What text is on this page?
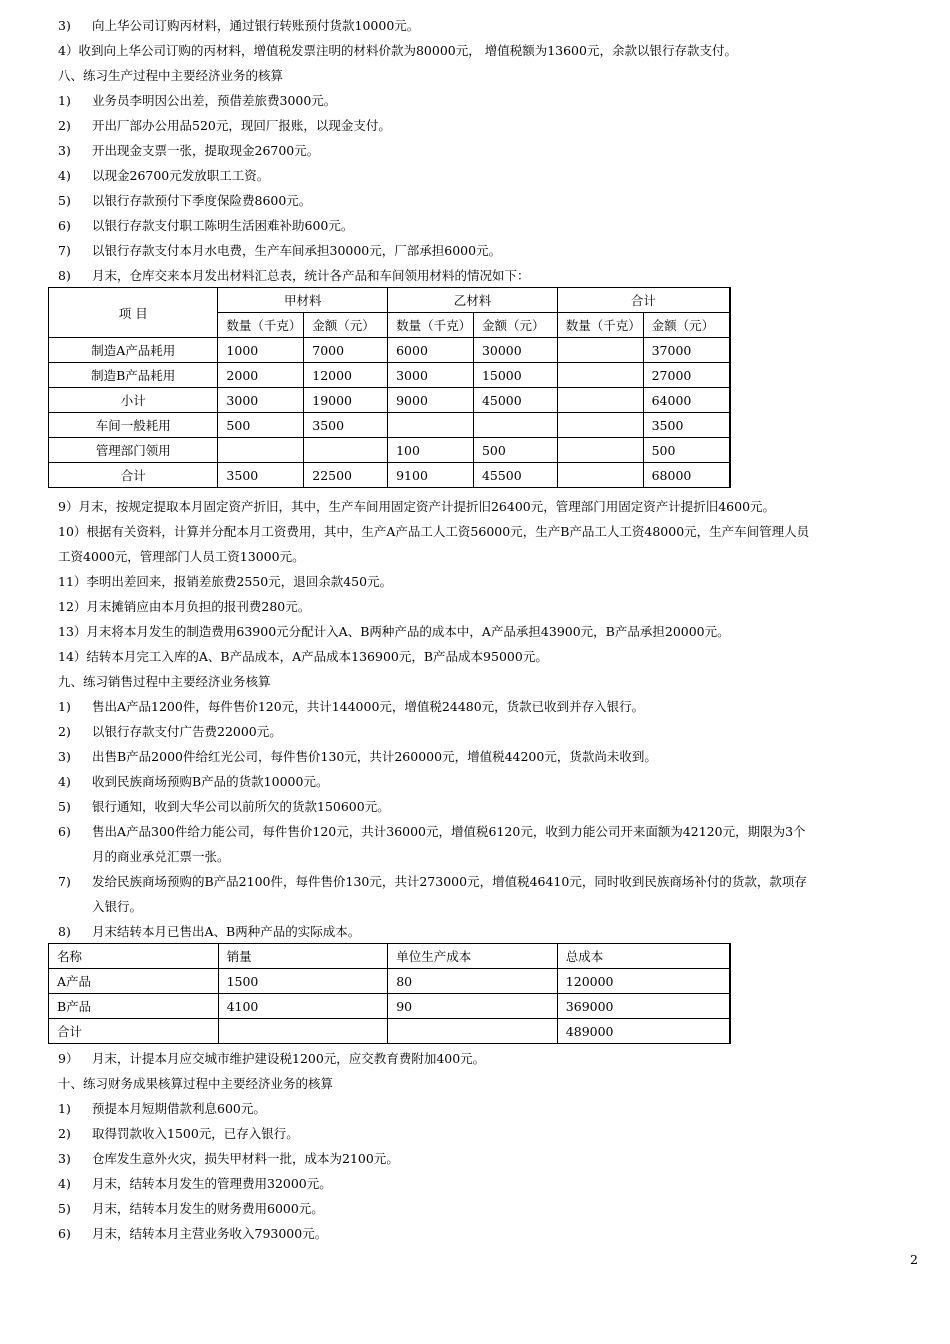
3) 向上华公司订购丙材料，通过银行转账预付货款10000元。
4）收到向上华公司订购的丙材料，增值税发票注明的材料价款为80000元， 增值税额为13600元，余款以银行存款支付。
八、练习生产过程中主要经济业务的核算
1) 业务员李明因公出差，预借差旅费3000元。
2) 开出厂部办公用品520元，现回厂报账，以现金支付。
3) 开出现金支票一张，提取现金26700元。
4) 以现金26700元发放职工工资。
5) 以银行存款预付下季度保险费8600元。
6) 以银行存款支付职工陈明生活困难补助600元。
7) 以银行存款支付本月水电费，生产车间承担30000元，厂部承担6000元。
8) 月末，仓库交来本月发出材料汇总表，统计各产品和车间领用材料的情况如下：
项 目	甲材料		乙材料		合计	
	数量（千克）	金额（元）	数量（千克）	金额（元）	数量（千克）	金额（元）
制造A产品耗用	1000	7000	6000	30000		37000
制造B产品耗用	2000	12000	3000	15000		27000
小计	3000	19000	9000	45000		64000
车间一般耗用	500	3500				3500
管理部门领用			100	500		500
合计	3500	22500	9100	45500		68000
9）月末，按规定提取本月固定资产折旧，其中，生产车间用固定资产计提折旧26400元，管理部门用固定资产计提折旧4600元。
10）根据有关资料，计算并分配本月工资费用，其中，生产A产品工人工资56000元，生产B产品工人工资48000元，生产车间管理人员
工资4000元，管理部门人员工资13000元。
11）李明出差回来，报销差旅费2550元，退回余款450元。
12）月末摊销应由本月负担的报刊费280元。
13）月末将本月发生的制造费用63900元分配计入A、B两种产品的成本中，A产品承担43900元，B产品承担20000元。
14）结转本月完工入库的A、B产品成本，A产品成本136900元，B产品成本95000元。
九、练习销售过程中主要经济业务核算
1) 售出A产品1200件，每件售价120元，共计144000元，增值税24480元，货款已收到并存入银行。
2) 以银行存款支付广告费22000元。
3) 出售B产品2000件给红光公司，每件售价130元，共计260000元，增值税44200元，货款尚未收到。
4) 收到民族商场预购B产品的货款10000元。
5) 银行通知，收到大华公司以前所欠的货款150600元。
6) 售出A产品300件给力能公司，每件售价120元，共计36000元，增值税6120元，收到力能公司开来面额为42120元，期限为3个
月的商业承兑汇票一张。
7) 发给民族商场预购的B产品2100件，每件售价130元，共计273000元，增值税46410元，同时收到民族商场补付的货款，款项存
入银行。
8) 月末结转本月已售出A、B两种产品的实际成本。
名称	销量	单位生产成本	总成本
A产品	1500	80	120000
B产品	4100	90	369000
合计			489000
9） 月末，计提本月应交城市维护建设税1200元，应交教育费附加400元。
十、练习财务成果核算过程中主要经济业务的核算
1) 预提本月短期借款利息600元。
2) 取得罚款收入1500元，已存入银行。
3) 仓库发生意外火灾，损失甲材料一批，成本为2100元。
4) 月末，结转本月发生的管理费用32000元。
5) 月末，结转本月发生的财务费用6000元。
6) 月末，结转本月主营业务收入793000元。
2
